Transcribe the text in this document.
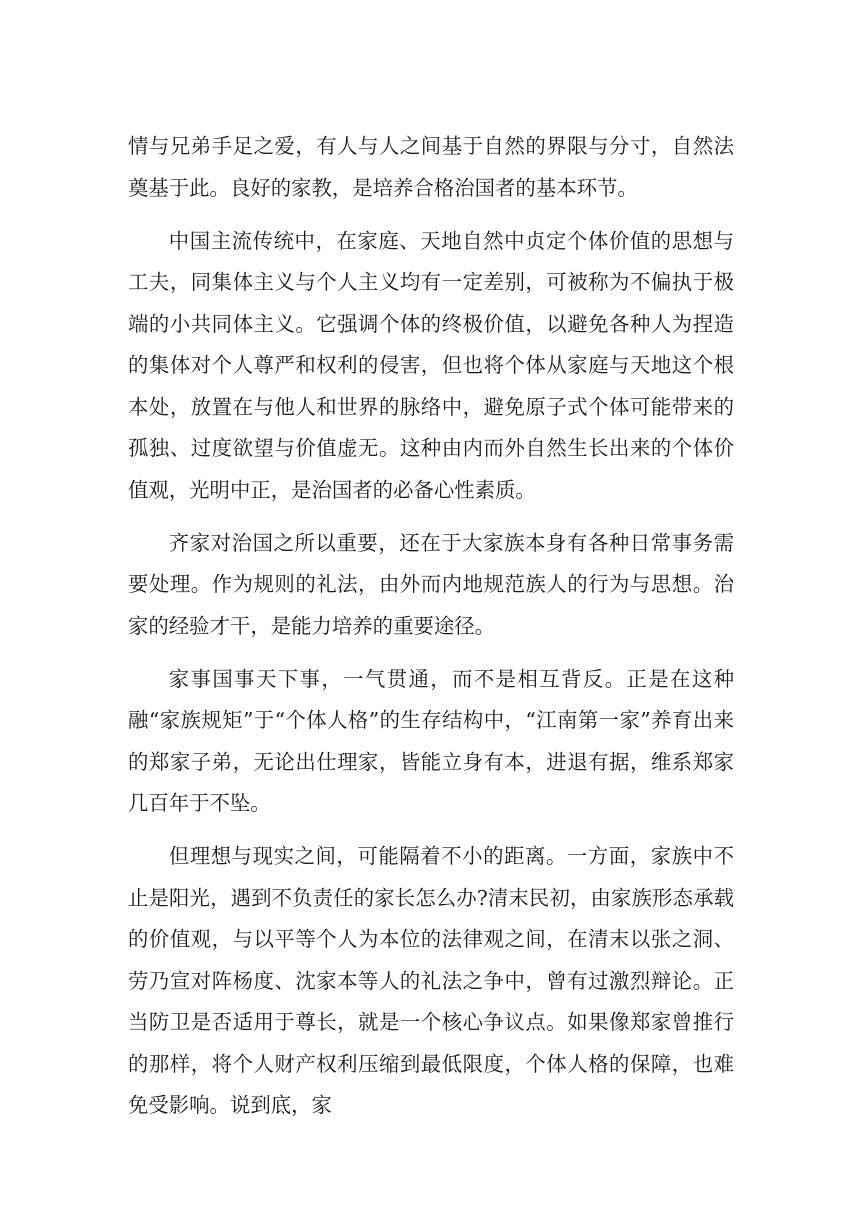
情与兄弟手足之爱，有人与人之间基于自然的界限与分寸，自然法奠基于此。良好的家教，是培养合格治国者的基本环节。

中国主流传统中，在家庭、天地自然中贞定个体价值的思想与工夫，同集体主义与个人主义均有一定差别，可被称为不偏执于极端的小共同体主义。它强调个体的终极价值，以避免各种人为捏造的集体对个人尊严和权利的侵害，但也将个体从家庭与天地这个根本处，放置在与他人和世界的脉络中，避免原子式个体可能带来的孤独、过度欲望与价值虚无。这种由内而外自然生长出来的个体价值观，光明中正，是治国者的必备心性素质。

齐家对治国之所以重要，还在于大家族本身有各种日常事务需要处理。作为规则的礼法，由外而内地规范族人的行为与思想。治家的经验才干，是能力培养的重要途径。

家事国事天下事，一气贯通，而不是相互背反。正是在这种融“家族规矩”于“个体人格”的生存结构中，“江南第一家”养育出来的郑家子弟，无论出仕理家，皆能立身有本，进退有据，维系郑家几百年于不坠。

但理想与现实之间，可能隔着不小的距离。一方面，家族中不止是阳光，遇到不负责任的家长怎么办?清末民初，由家族形态承载的价值观，与以平等个人为本位的法律观之间，在清末以张之洞、劳乃宣对阵杨度、沈家本等人的礼法之争中，曾有过激烈辩论。正当防卫是否适用于尊长，就是一个核心争议点。如果像郑家曾推行的那样，将个人财产权利压缩到最低限度，个体人格的保障，也难免受影响。说到底，家
